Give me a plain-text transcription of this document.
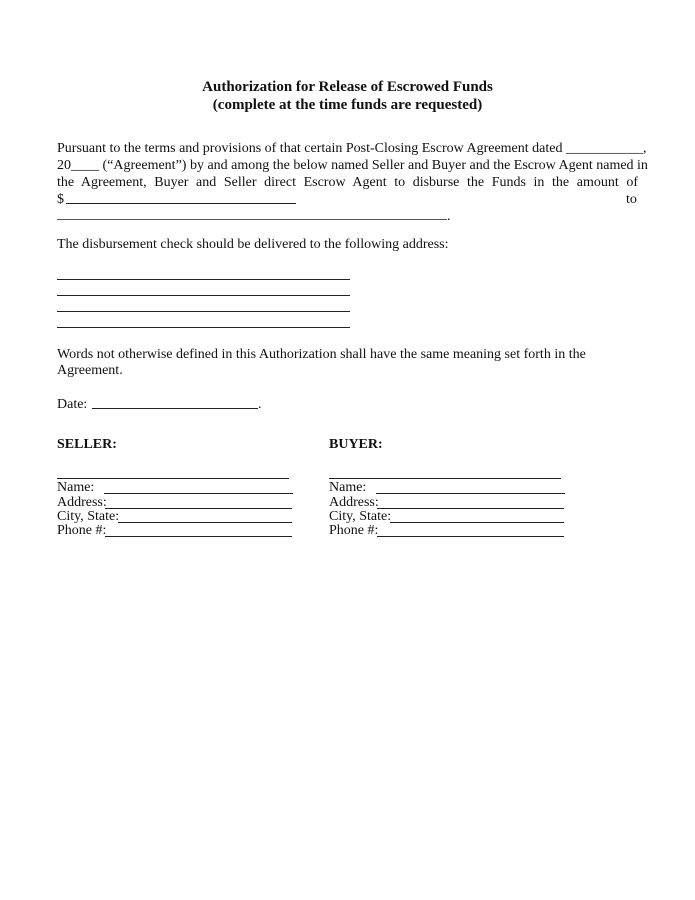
Authorization for Release of Escrowed Funds
(complete at the time funds are requested)
Pursuant to the terms and provisions of that certain Post-Closing Escrow Agreement dated ___________,
20____ (“Agreement”) by and among the below named Seller and Buyer and the Escrow Agent named in
the Agreement, Buyer and Seller direct Escrow Agent to disburse the Funds in the amount of
$	to
.
The disbursement check should be delivered to the following address:
Words not otherwise defined in this Authorization shall have the same meaning set forth in the
Agreement.
Date:	.
SELLER:
Name:
Address:
City, State:
Phone #:
BUYER:
Name:
Address:
City, State:
Phone #:
